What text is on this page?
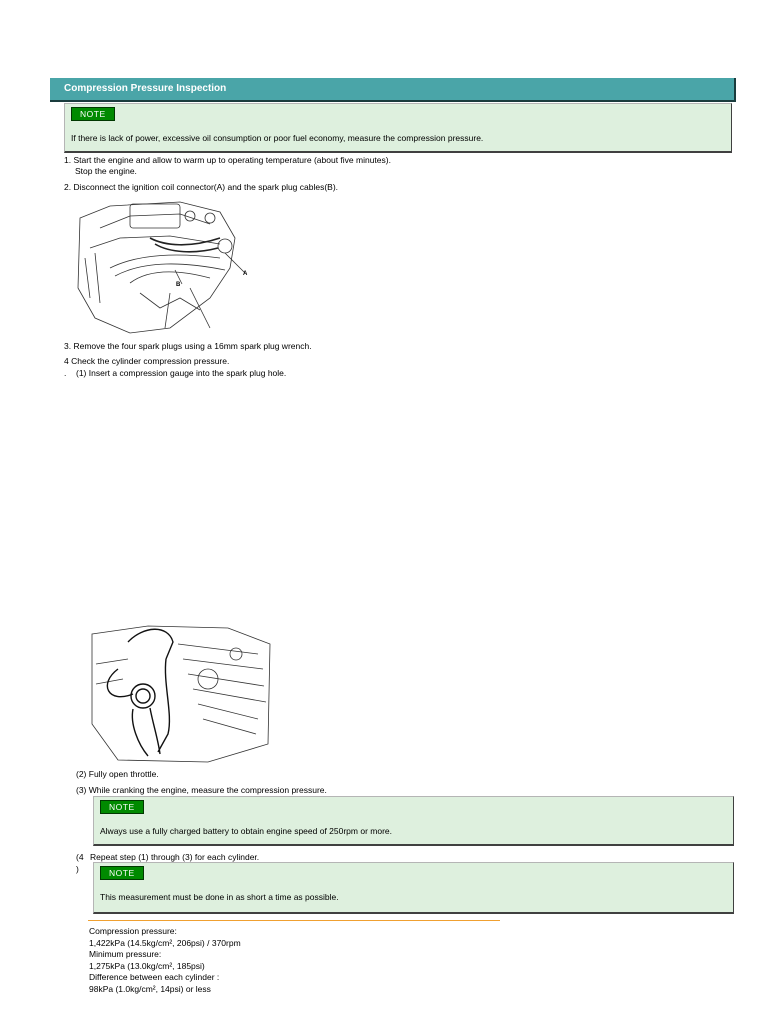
Compression Pressure Inspection
NOTE
If there is lack of power, excessive oil consumption or poor fuel economy, measure the compression pressure.
1. Start the engine and allow to warm up to operating temperature (about five minutes).
Stop the engine.
2. Disconnect the ignition coil connector(A) and the spark plug cables(B).
A
B
3. Remove the four spark plugs using a 16mm spark plug wrench.
4 Check the cylinder compression pressure.
. (1) Insert a compression gauge into the spark plug hole.
(2) Fully open throttle.
(3) While cranking the engine, measure the compression pressure.
NOTE
Always use a fully charged battery to obtain engine speed of 250rpm or more.
(4 Repeat step (1) through (3) for each cylinder.
)	NOTE
This measurement must be done in as short a time as possible.
Compression pressure:
1,422kPa (14.5kg/cm², 206psi) / 370rpm
Minimum pressure:
1,275kPa (13.0kg/cm², 185psi)
Difference between each cylinder :
98kPa (1.0kg/cm², 14psi) or less
